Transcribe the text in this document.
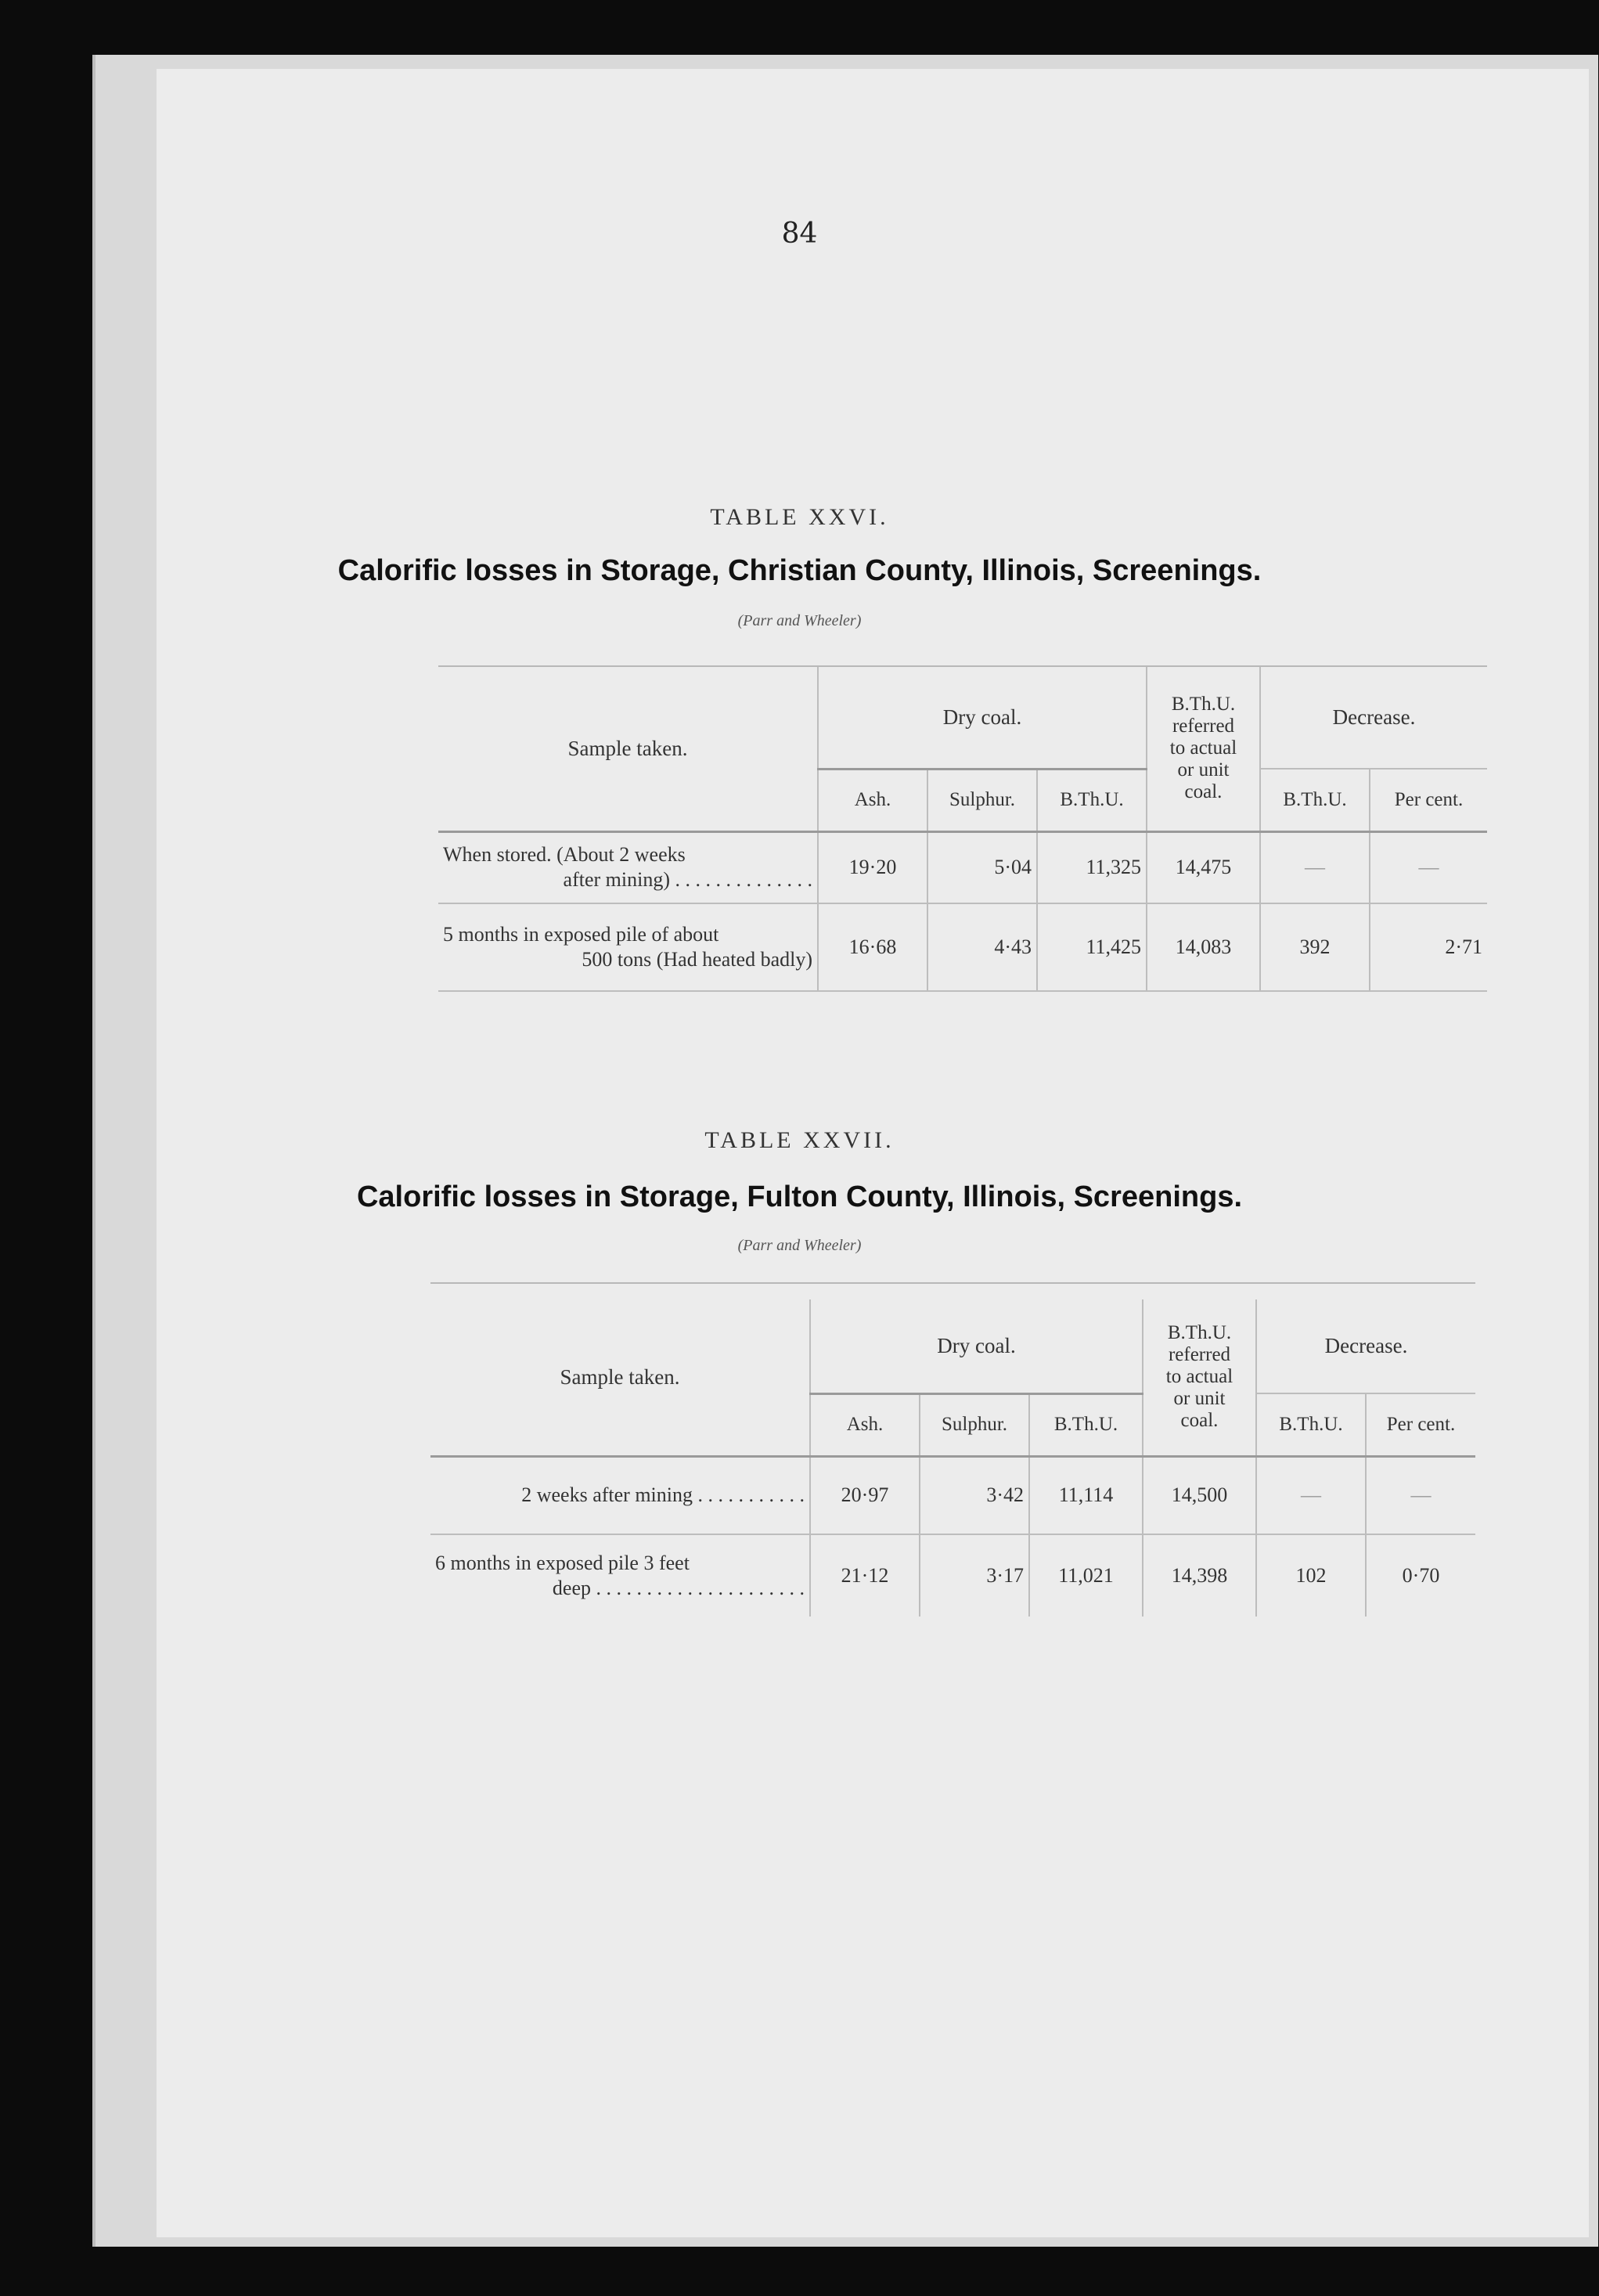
84
TABLE XXVI.
Calorific losses in Storage, Christian County, Illinois, Screenings.
(Parr and Wheeler)
Sample taken.	Dry coal.			B.Th.U.
referred
to actual
or unit
coal.	Decrease.	
	Ash.	Sulphur.	B.Th.U.		B.Th.U.	Per cent.

When stored. (About 2 weeks
after mining) . . . . . . . . . . . . . .	19·20	5·04	11,325	14,475	—	—

5 months in exposed pile of about
500 tons (Had heated badly)	16·68	4·43	11,425	14,083	392	2·71
TABLE XXVII.
Calorific losses in Storage, Fulton County, Illinois, Screenings.
(Parr and Wheeler)
Sample taken.	Dry coal.			B.Th.U.
referred
to actual
or unit
coal.	Decrease.	
	Ash.	Sulphur.	B.Th.U.		B.Th.U.	Per cent.

2 weeks after mining . . . . . . . . . . .	20·97	3·42	11,114	14,500	—	—

6 months in exposed pile 3 feet
deep . . . . . . . . . . . . . . . . . . . . .	21·12	3·17	11,021	14,398	102	0·70
